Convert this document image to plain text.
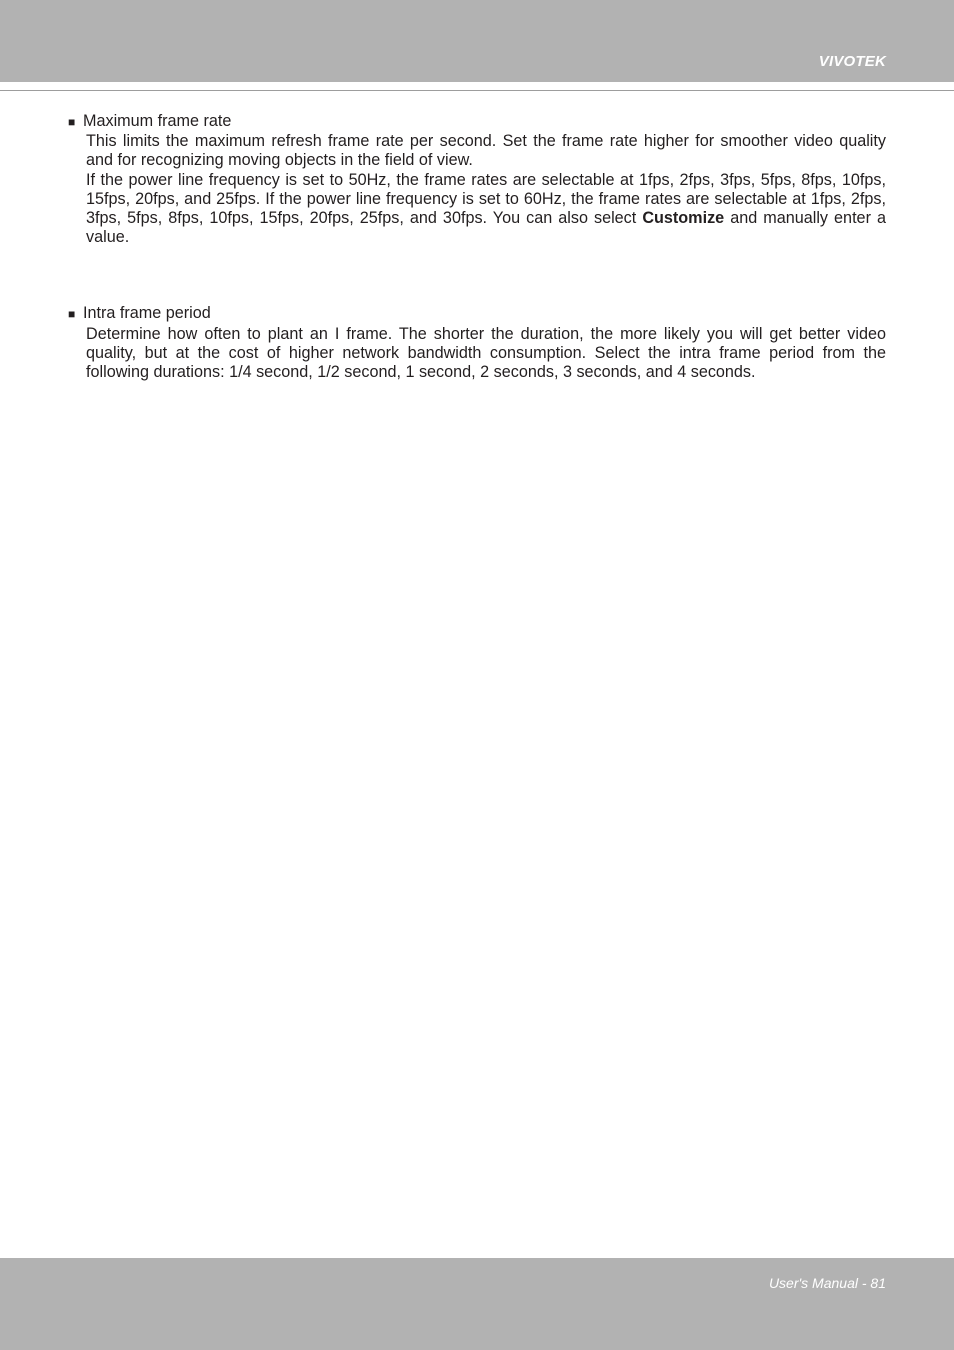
VIVOTEK
■ Maximum frame rate

This limits the maximum refresh frame rate per second. Set the frame rate higher for smoother video quality and for recognizing moving objects in the field of view.

If the power line frequency is set to 50Hz, the frame rates are selectable at 1fps, 2fps, 3fps, 5fps, 8fps, 10fps, 15fps, 20fps, and 25fps. If the power line frequency is set to 60Hz, the frame rates are selectable at 1fps, 2fps, 3fps, 5fps, 8fps, 10fps, 15fps, 20fps, 25fps, and 30fps. You can also select Customize and manually enter a value.

■ Intra frame period

Determine how often to plant an I frame. The shorter the duration, the more likely you will get better video quality, but at the cost of higher network bandwidth consumption. Select the intra frame period from the following durations: 1/4 second, 1/2 second, 1 second, 2 seconds, 3 seconds, and 4 seconds.

User's Manual - 81
